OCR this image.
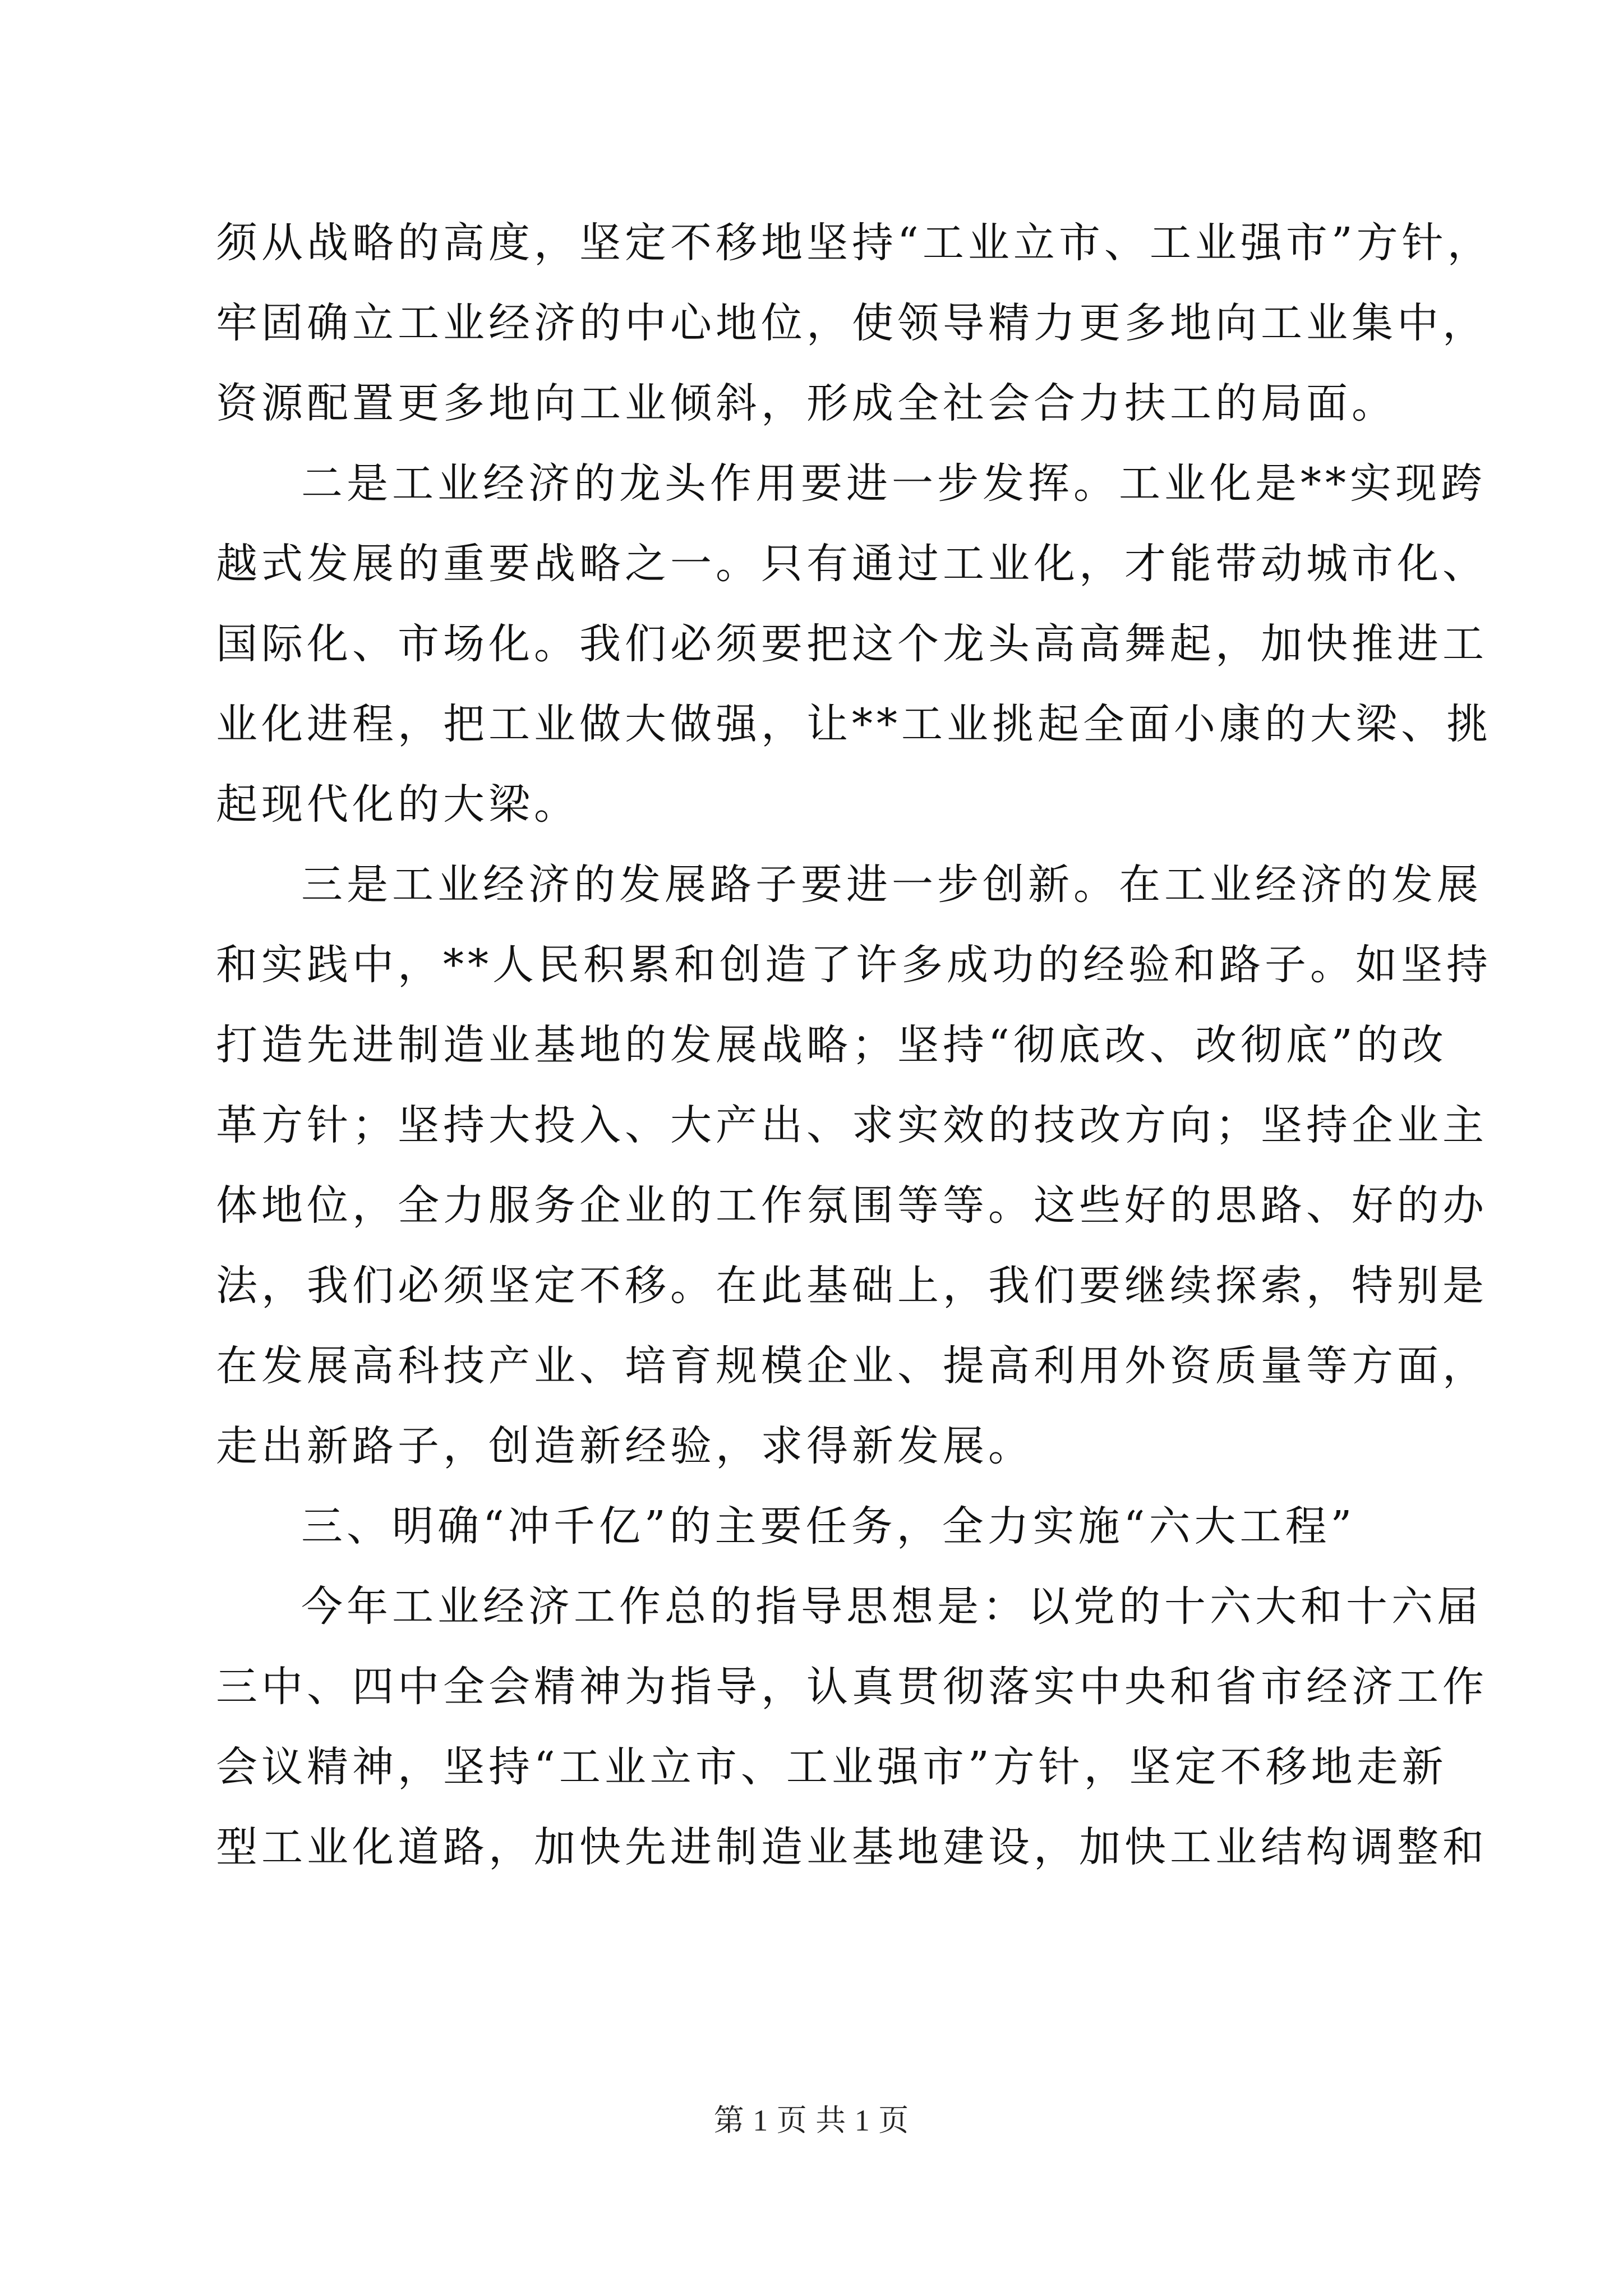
须从战略的高度，坚定不移地坚持“工业立市、工业强市”方针，
牢固确立工业经济的中心地位，使领导精力更多地向工业集中，
资源配置更多地向工业倾斜，形成全社会合力扶工的局面。
二是工业经济的龙头作用要进一步发挥。工业化是**实现跨
越式发展的重要战略之一。只有通过工业化，才能带动城市化、
国际化、市场化。我们必须要把这个龙头高高舞起，加快推进工
业化进程，把工业做大做强，让**工业挑起全面小康的大梁、挑
起现代化的大梁。
三是工业经济的发展路子要进一步创新。在工业经济的发展
和实践中，**人民积累和创造了许多成功的经验和路子。如坚持
打造先进制造业基地的发展战略；坚持“彻底改、改彻底”的改
革方针；坚持大投入、大产出、求实效的技改方向；坚持企业主
体地位，全力服务企业的工作氛围等等。这些好的思路、好的办
法，我们必须坚定不移。在此基础上，我们要继续探索，特别是
在发展高科技产业、培育规模企业、提高利用外资质量等方面，
走出新路子，创造新经验，求得新发展。
三、明确“冲千亿”的主要任务，全力实施“六大工程”
今年工业经济工作总的指导思想是：以党的十六大和十六届
三中、四中全会精神为指导，认真贯彻落实中央和省市经济工作
会议精神，坚持“工业立市、工业强市”方针，坚定不移地走新
型工业化道路，加快先进制造业基地建设，加快工业结构调整和
第 1 页 共 1 页
